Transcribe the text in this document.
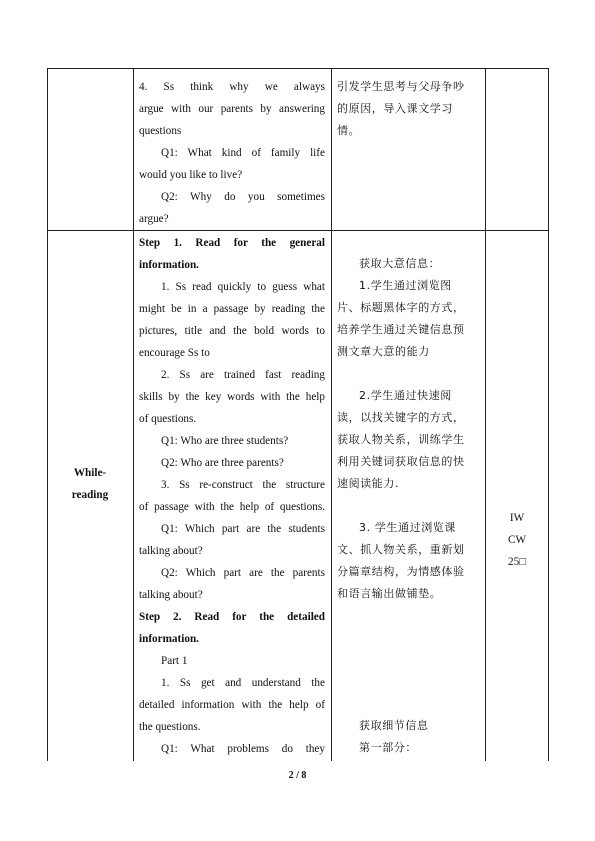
4. Ss think why we always
argue with our parents by answering
questions
Q1: What kind of family life
would you like to live?
Q2: Why do you sometimes
argue?
引发学生思考与父母争吵
的原因，导入课文学习
情。
While-
reading
Step 1. Read for the general
information.
1. Ss read quickly to guess what
might be in a passage by reading the
pictures, title and the bold words to
encourage Ss to
2. Ss are trained fast reading
skills by the key words with the help
of questions.
Q1: Who are three students?
Q2: Who are three parents?
3. Ss re-construct the structure
of passage with the help of questions.
Q1: Which part are the students
talking about?
Q2: Which part are the parents
talking about?
Step 2. Read for the detailed
information.
Part 1
1. Ss get and understand the
detailed information with the help of
the questions.
Q1: What problems do they
获取大意信息：
1.学生通过浏览图
片、标题黑体字的方式，
培养学生通过关键信息预
测文章大意的能力
2.学生通过快速阅
读，以找关键字的方式，
获取人物关系，训练学生
利用关键词获取信息的快
速阅读能力.
3. 学生通过浏览课
文、抓人物关系，重新划
分篇章结构，为情感体验
和语言输出做铺垫。
获取细节信息
第一部分：
IW
CW
25□
2 / 8
